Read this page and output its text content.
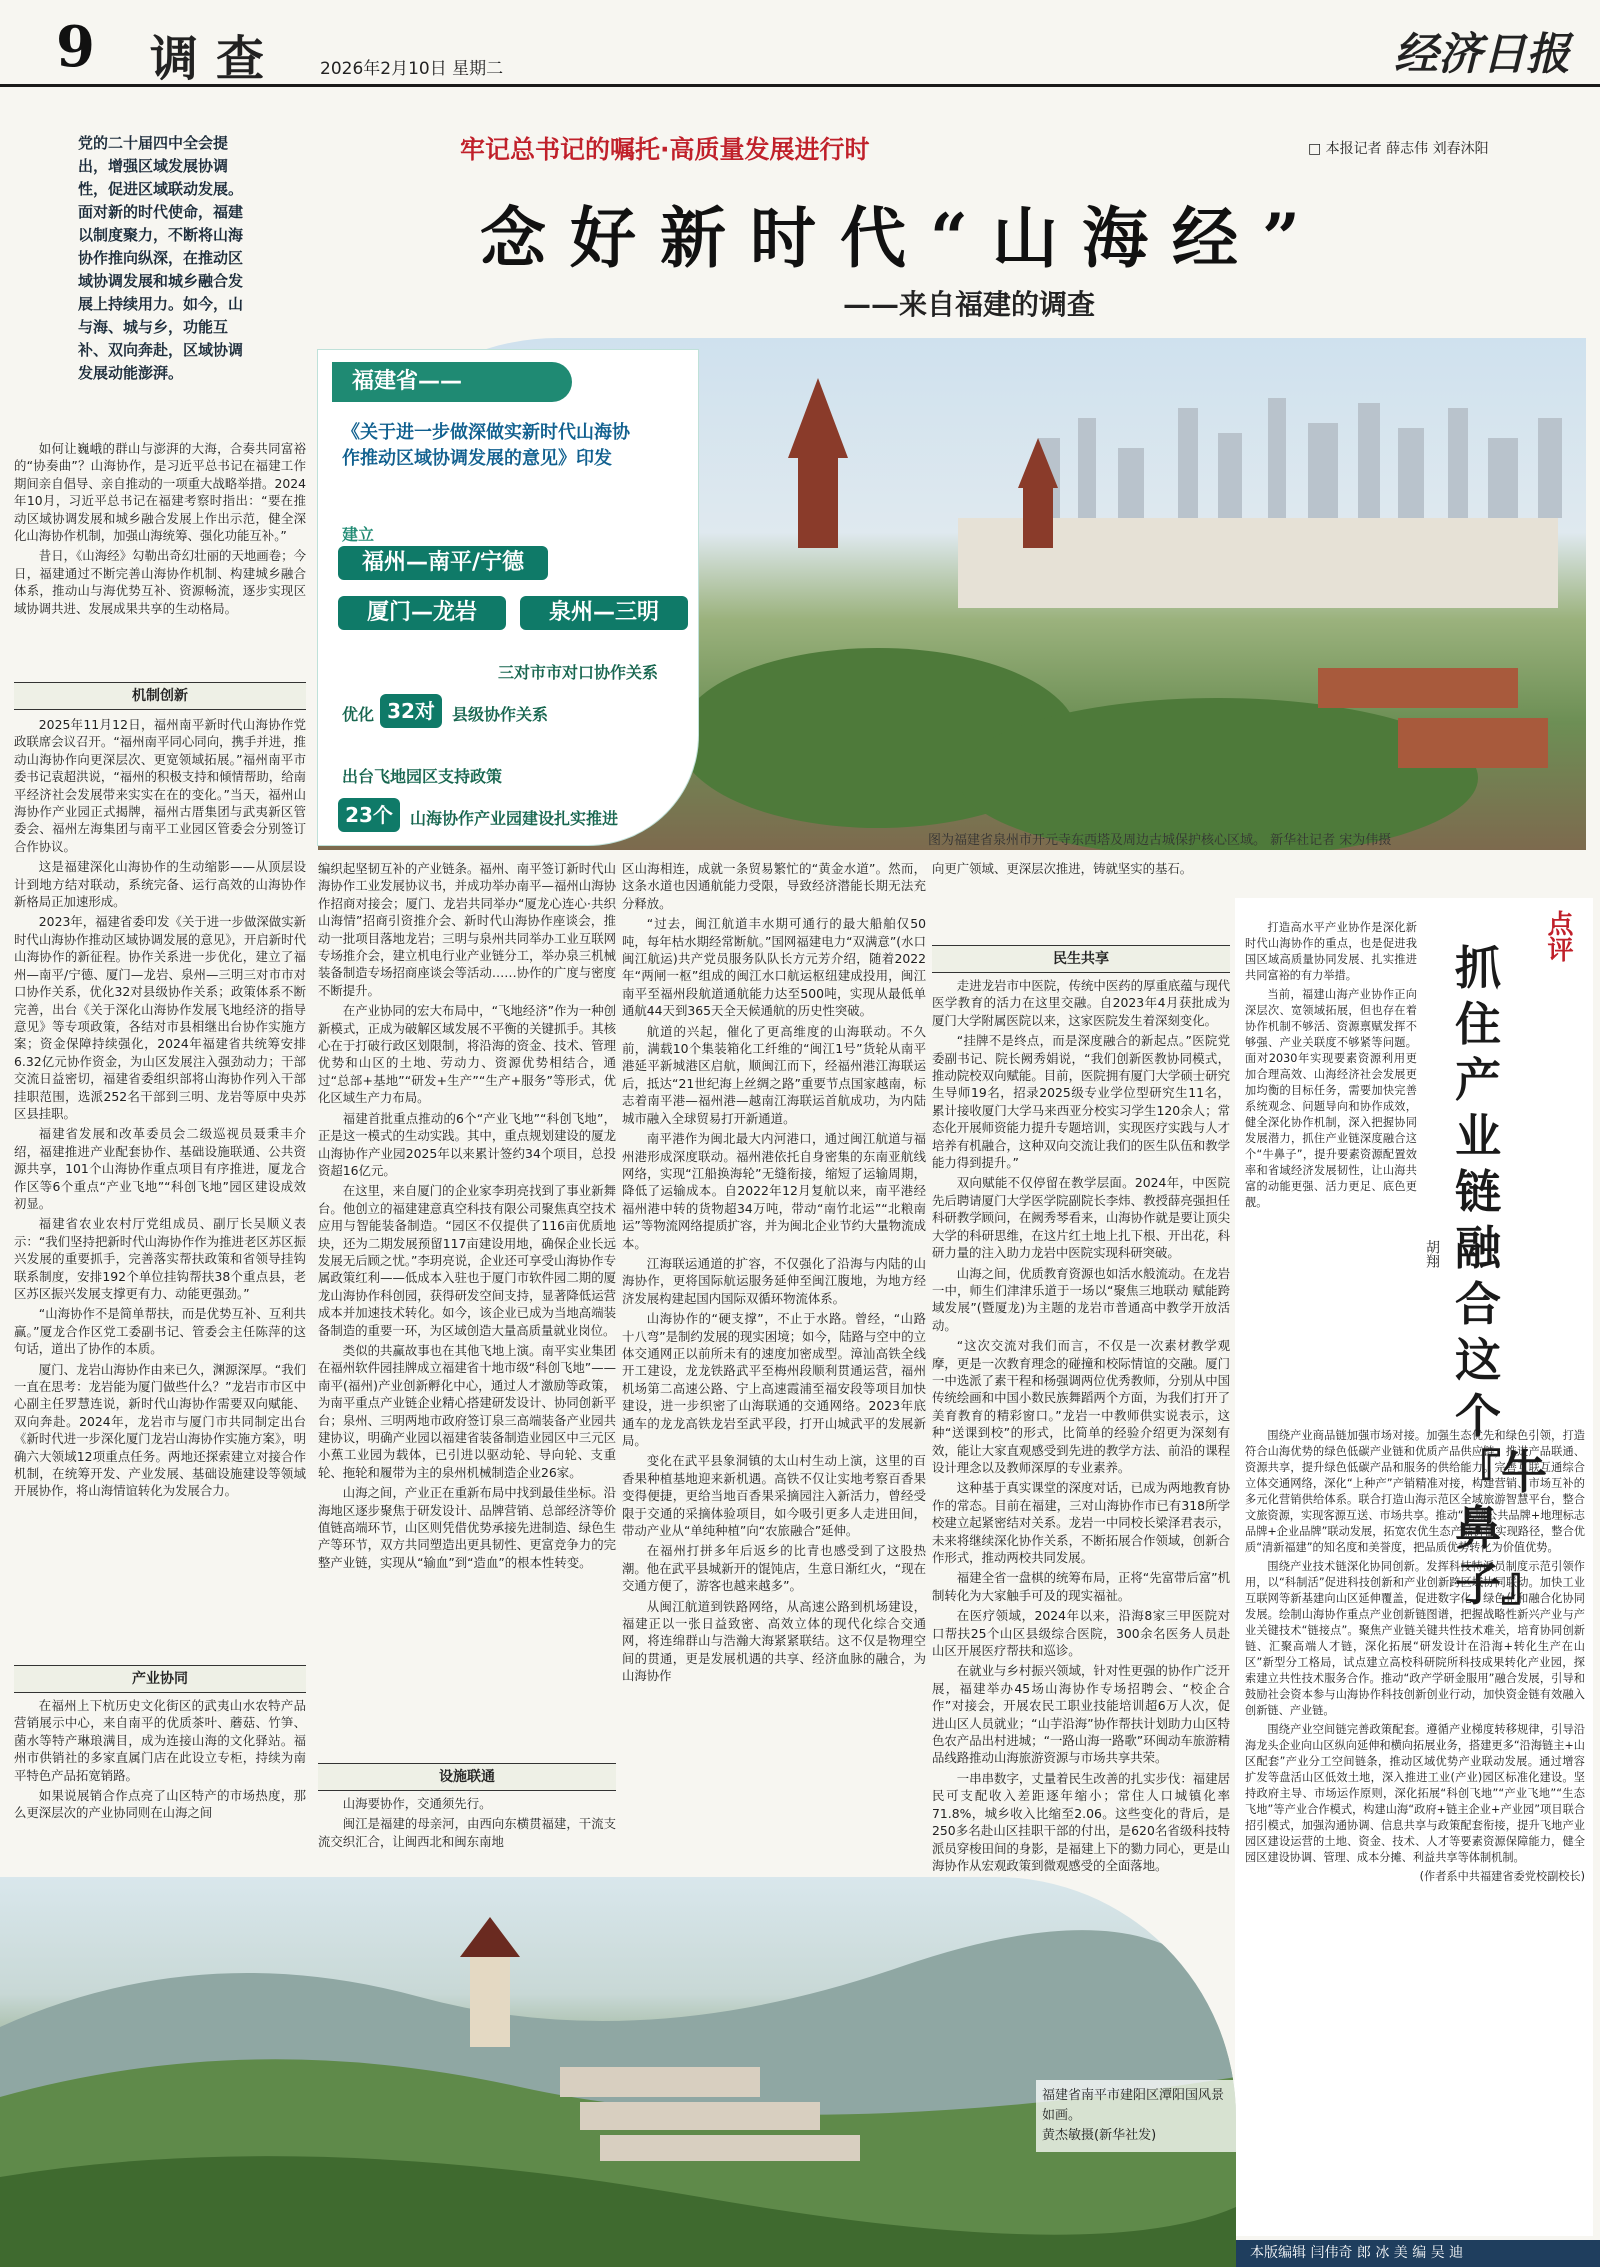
9 调查 2026年2月10日 星期二	经济日报
党的二十届四中全会提出，增强区域发展协调性，促进区域联动发展。面对新的时代使命，福建以制度聚力，不断将山海协作推向纵深，在推动区域协调发展和城乡融合发展上持续用力。如今，山与海、城与乡，功能互补、双向奔赴，区域协调发展动能澎湃。
牢记总书记的嘱托·高质量发展进行时	□ 本报记者 薛志伟 刘春沐阳
念好新时代“山海经”
——来自福建的调查
福建省——
《关于进一步做深做实新时代山海协作推动区域协调发展的意见》印发
建立
福州—南平/宁德
厦门—龙岩	泉州—三明
三对市市对口协作关系
优化 32对	县级协作关系
出台飞地园区支持政策
23个	山海协作产业园建设扎实推进
图为福建省泉州市开元寺东西塔及周边古城保护核心区域。 新华社记者 宋为伟摄

如何让巍峨的群山与澎湃的大海，合奏共同富裕的“协奏曲”？山海协作，是习近平总书记在福建工作期间亲自倡导、亲自推动的一项重大战略举措。2024年10月，习近平总书记在福建考察时指出：“要在推动区域协调发展和城乡融合发展上作出示范，健全深化山海协作机制，加强山海统筹、强化功能互补。”

昔日，《山海经》勾勒出奇幻壮丽的天地画卷；今日，福建通过不断完善山海协作机制、构建城乡融合体系，推动山与海优势互补、资源畅流，逐步实现区域协调共进、发展成果共享的生动格局。

机制创新

2025年11月12日，福州南平新时代山海协作党政联席会议召开。“福州南平同心同向，携手并进，推动山海协作向更深层次、更宽领域拓展。”福州南平市委书记袁超洪说，“福州的积极支持和倾情帮助，给南平经济社会发展带来实实在在的变化。”当天，福州山海协作产业园正式揭牌，福州古厝集团与武夷新区管委会、福州左海集团与南平工业园区管委会分别签订合作协议。

这是福建深化山海协作的生动缩影——从顶层设计到地方结对联动，系统完备、运行高效的山海协作新格局正加速形成。

2023年，福建省委印发《关于进一步做深做实新时代山海协作推动区域协调发展的意见》，开启新时代山海协作的新征程。协作关系进一步优化，建立了福州—南平/宁德、厦门—龙岩、泉州—三明三对市市对口协作关系，优化32对县级协作关系；政策体系不断完善，出台《关于深化山海协作发展飞地经济的指导意见》等专项政策，各结对市县相继出台协作实施方案；资金保障持续强化，2024年福建省共统筹安排6.32亿元协作资金，为山区发展注入强劲动力；干部交流日益密切，福建省委组织部将山海协作列入干部挂职范围，选派252名干部到三明、龙岩等原中央苏区县挂职。

福建省发展和改革委员会二级巡视员聂秉丰介绍，福建推进产业配套协作、基础设施联通、公共资源共享，101个山海协作重点项目有序推进，厦龙合作区等6个重点“产业飞地”“科创飞地”园区建设成效初显。

福建省农业农村厅党组成员、副厅长吴顺义表示：“我们坚持把新时代山海协作作为推进老区苏区振兴发展的重要抓手，完善落实帮扶政策和省领导挂钩联系制度，安排192个单位挂钩帮扶38个重点县，老区苏区振兴发展支撑更有力、动能更强劲。”

“山海协作不是简单帮扶，而是优势互补、互利共赢。”厦龙合作区党工委副书记、管委会主任陈萍的这句话，道出了协作的本质。

厦门、龙岩山海协作由来已久，渊源深厚。“我们一直在思考：龙岩能为厦门做些什么？”龙岩市市区中心副主任罗慧连说，新时代山海协作需要双向赋能、双向奔赴。2024年，龙岩市与厦门市共同制定出台《新时代进一步深化厦门龙岩山海协作实施方案》，明确六大领域12项重点任务。两地还探索建立对接合作机制，在统筹开发、产业发展、基础设施建设等领域开展协作，将山海情谊转化为发展合力。

产业协同

在福州上下杭历史文化街区的武夷山水农特产品营销展示中心，来自南平的优质茶叶、蘑菇、竹笋、菌水等特产琳琅满目，成为连接山海的文化驿站。福州市供销社的多家直属门店在此设立专柜，持续为南平特色产品拓宽销路。

如果说展销合作点亮了山区特产的市场热度，那么更深层次的产业协同则在山海之间

编织起坚韧互补的产业链条。福州、南平签订新时代山海协作工业发展协议书，并成功举办南平—福州山海协作招商对接会；厦门、龙岩共同举办“厦龙心连心·共织山海情”招商引资推介会、新时代山海协作座谈会，推动一批项目落地龙岩；三明与泉州共同举办工业互联网专场推介会，建立机电行业产业链分工，举办泉三机械装备制造专场招商座谈会等活动……协作的广度与密度不断提升。

在产业协同的宏大布局中，“飞地经济”作为一种创新模式，正成为破解区域发展不平衡的关键抓手。其核心在于打破行政区划限制，将沿海的资金、技术、管理优势和山区的土地、劳动力、资源优势相结合，通过“总部+基地”“研发+生产”“生产+服务”等形式，优化区域生产力布局。

福建首批重点推动的6个“产业飞地”“科创飞地”，正是这一模式的生动实践。其中，重点规划建设的厦龙山海协作产业园2025年以来累计签约34个项目，总投资超16亿元。

在这里，来自厦门的企业家李玥亮找到了事业新舞台。他创立的福建建意真空科技有限公司聚焦真空技术应用与智能装备制造。“园区不仅提供了116亩优质地块，还为二期发展预留117亩建设用地，确保企业长远发展无后顾之忧。”李玥亮说，企业还可享受山海协作专属政策红利——低成本入驻也于厦门市软件园二期的厦龙山海协作科创园，获得研发空间支持，显著降低运营成本并加速技术转化。如今，该企业已成为当地高端装备制造的重要一环，为区域创造大量高质量就业岗位。

类似的共赢故事也在其他飞地上演。南平实业集团在福州软件园挂牌成立福建省十地市级“科创飞地”——南平(福州)产业创新孵化中心，通过人才激励等政策，为南平重点产业链企业精心搭建研发设计、协同创新平台；泉州、三明两地市政府签订泉三高端装备产业园共建协议，明确产业园以福建省装备制造业园区中三元区小蕉工业园为载体，已引进以驱动轮、导向轮、支重轮、拖轮和履带为主的泉州机械制造企业26家。

山海之间，产业正在重新布局中找到最佳坐标。沿海地区逐步聚焦于研发设计、品牌营销、总部经济等价值链高端环节，山区则凭借优势承接先进制造、绿色生产等环节，双方共同塑造出更具韧性、更富竞争力的完整产业链，实现从“输血”到“造血”的根本性转变。

设施联通

山海要协作，交通须先行。

闽江是福建的母亲河，由西向东横贯福建，干流支流交织汇合，让闽西北和闽东南地

区山海相连，成就一条贸易繁忙的“黄金水道”。然而，这条水道也因通航能力受限，导致经济潜能长期无法充分释放。

“过去，闽江航道丰水期可通行的最大船舶仅50吨，每年枯水期经常断航。”国网福建电力“双满意”(水口闽江航运)共产党员服务队队长方元芳介绍，随着2022年“两闸一枢”组成的闽江水口航运枢纽建成投用，闽江南平至福州段航道通航能力达至500吨，实现从最低单通航44天到365天全天候通航的历史性突破。

航道的兴起，催化了更高维度的山海联动。不久前，满载10个集装箱化工纤维的“闽江1号”货轮从南平港延平新城港区启航，顺闽江而下，经福州港江海联运后，抵达“21世纪海上丝绸之路”重要节点国家越南，标志着南平港—福州港—越南江海联运首航成功，为内陆城市融入全球贸易打开新通道。

南平港作为闽北最大内河港口，通过闽江航道与福州港形成深度联动。福州港依托自身密集的东南亚航线网络，实现“江船换海轮”无缝衔接，缩短了运输周期，降低了运输成本。自2022年12月复航以来，南平港经福州港中转的货物超34万吨，带动“南竹北运”“北粮南运”等物流网络提质扩容，并为闽北企业节约大量物流成本。

江海联运通道的扩容，不仅强化了沿海与内陆的山海协作，更将国际航运服务延伸至闽江腹地，为地方经济发展构建起国内国际双循环物流体系。

山海协作的“硬支撑”，不止于水路。曾经，“山路十八弯”是制约发展的现实困境；如今，陆路与空中的立体交通网正以前所未有的速度加密成型。漳汕高铁全线开工建设，龙龙铁路武平至梅州段顺利贯通运营，福州机场第二高速公路、宁上高速霞浦至福安段等项目加快建设，进一步织密了山海联通的交通网络。2023年底通车的龙龙高铁龙岩至武平段，打开山城武平的发展新局。

变化在武平县象洞镇的太山村生动上演，这里的百香果种植基地迎来新机遇。高铁不仅让实地考察百香果变得便捷，更给当地百香果采摘园注入新活力，曾经受限于交通的采摘体验项目，如今吸引更多人走进田间，带动产业从“单纯种植”向“农旅融合”延伸。

在福州打拼多年后返乡的比青也感受到了这股热潮。他在武平县城新开的馄饨店，生意日渐红火，“现在交通方便了，游客也越来越多”。

从闽江航道到铁路网络，从高速公路到机场建设，福建正以一张日益致密、高效立体的现代化综合交通网，将连绵群山与浩瀚大海紧紧联结。这不仅是物理空间的贯通，更是发展机遇的共享、经济血脉的融合，为山海协作

向更广领域、更深层次推进，铸就坚实的基石。

民生共享

走进龙岩市中医院，传统中医药的厚重底蕴与现代医学教育的活力在这里交融。自2023年4月获批成为厦门大学附属医院以来，这家医院发生着深刻变化。

“挂牌不是终点，而是深度融合的新起点。”医院党委副书记、院长阙秀娟说，“我们创新医教协同模式，推动院校双向赋能。目前，医院拥有厦门大学硕士研究生导师19名，招录2025级专业学位型研究生11名，累计接收厦门大学马来西亚分校实习学生120余人；常态化开展师资能力提升专题培训，实现医疗实践与人才培养有机融合，这种双向交流让我们的医生队伍和教学能力得到提升。”

双向赋能不仅停留在教学层面。2024年，中医院先后聘请厦门大学医学院副院长李炜、教授薛亮强担任科研教学顾问，在阙秀琴看来，山海协作就是要让顶尖大学的科研思维，在这片红土地上扎下根、开出花，科研力量的注入助力龙岩中医院实现科研突破。

山海之间，优质教育资源也如活水般流动。在龙岩一中，师生们津津乐道于一场以“聚焦三地联动 赋能跨域发展”(暨厦龙)为主题的龙岩市普通高中教学开放活动。

“这次交流对我们而言，不仅是一次素材教学观摩，更是一次教育理念的碰撞和校际情谊的交融。厦门一中选派了素干程和杨强调两位优秀教师，分别从中国传统绘画和中国小数民族舞蹈两个方面，为我们打开了美育教育的精彩窗口。”龙岩一中教师供实说表示，这种“送课到校”的形式，比简单的经验介绍更为深刻有效，能让大家直观感受到先进的教学方法、前沿的课程设计理念以及教师深厚的专业素养。

这种基于真实课堂的深度对话，已成为两地教育协作的常态。目前在福建，三对山海协作市已有318所学校建立起紧密结对关系。龙岩一中同校长梁泽君表示，未来将继续深化协作关系，不断拓展合作领域，创新合作形式，推动两校共同发展。

福建全省一盘棋的统筹布局，正将“先富带后富”机制转化为大家触手可及的现实福祉。

在医疗领域，2024年以来，沿海8家三甲医院对口帮扶25个山区县级综合医院，300余名医务人员赴山区开展医疗帮扶和巡诊。

在就业与乡村振兴领域，针对性更强的协作广泛开展，福建举办45场山海协作专场招聘会、“校企合作”对接会，开展农民工职业技能培训超6万人次，促进山区人员就业；“山芋沿海”协作帮扶计划助力山区特色农产品出村进城；“一路山海一路歌”环闽动车旅游精品线路推动山海旅游资源与市场共享共荣。

一串串数字，丈量着民生改善的扎实步伐：福建居民可支配收入差距逐年缩小；常住人口城镇化率71.8%，城乡收入比缩至2.06。这些变化的背后，是250多名赴山区挂职干部的付出，是620名省级科技特派员穿梭田间的身影，是福建上下的勠力同心，更是山海协作从宏观政策到微观感受的全面落地。

点评
抓住产业链融合这个『牛鼻子』
胡翔

打造高水平产业协作是深化新时代山海协作的重点，也是促进我国区域高质量协同发展、扎实推进共同富裕的有力举措。

当前，福建山海产业协作正向深层次、宽领域拓展，但也存在着协作机制不够活、资源禀赋发挥不够强、产业关联度不够紧等问题。面对2030年实现要素资源利用更加合理高效、山海经济社会发展更加均衡的目标任务，需要加快完善系统观念、问题导向和协作成效，健全深化协作机制，深入把握协同发展潜力，抓住产业链深度融合这个“牛鼻子”，提升要素资源配置效率和省域经济发展韧性，让山海共富的动能更强、活力更足、底色更靓。

围绕产业商品链加强市场对接。加强生态优先和绿色引领，打造符合山海优势的绿色低碳产业链和优质产品供应链，推进产品联通、资源共享，提升绿色低碳产品和服务的供给能力。完善互联互通综合立体交通网络，深化“上种产”产销精准对接，构建营销、市场互补的多元化营销供给体系。联合打造山海示范区全域旅游智慧平台，整合文旅资源，实现客源互送、市场共享。推动“区域公共品牌+地理标志品牌+企业品牌”联动发展，拓宽农优生态产品价值实现路径，整合优质“清新福建”的知名度和美誉度，把品质优势转化为价值优势。

围绕产业技术链深化协同创新。发挥科技特派员制度示范引领作用，以“科制活”促进科技创新和产业创新跨区域协同联动。加快工业互联网等新基建向山区延伸覆盖，促进数字化、绿色化和融合化协同发展。绘制山海协作重点产业创新链图谱，把握战略性新兴产业与产业关键技术“链接点”。聚焦产业链关键共性技术难关，培育协同创新链、汇聚高端人才链，深化拓展“研发设计在沿海+转化生产在山区”新型分工格局，试点建立高校科研院所科技成果转化产业园，探索建立共性技术服务合作。推动“政产学研金服用”融合发展，引导和鼓励社会资本参与山海协作科技创新创业行动，加快资金链有效融入创新链、产业链。

围绕产业空间链完善政策配套。遵循产业梯度转移规律，引导沿海龙头企业向山区纵向延伸和横向拓展业务，搭建更多“沿海链主+山区配套”产业分工空间链条，推动区域优势产业联动发展。通过增容扩发等盘活山区低效土地，深入推进工业(产业)园区标准化建设。坚持政府主导、市场运作原则，深化拓展“科创飞地”“产业飞地”“生态飞地”等产业合作模式，构建山海“政府+链主企业+产业园”项目联合招引模式，加强沟通协调、信息共享与政策配套衔接，提升飞地产业园区建设运营的土地、资金、技术、人才等要素资源保障能力，健全园区建设协调、管理、成本分摊、利益共享等体制机制。

(作者系中共福建省委党校副校长)

福建省南平市建阳区潭阳国风景如画。
黄杰敏摄(新华社发)
本版编辑 闫伟奇 郎 冰 美 编 吴 迪
